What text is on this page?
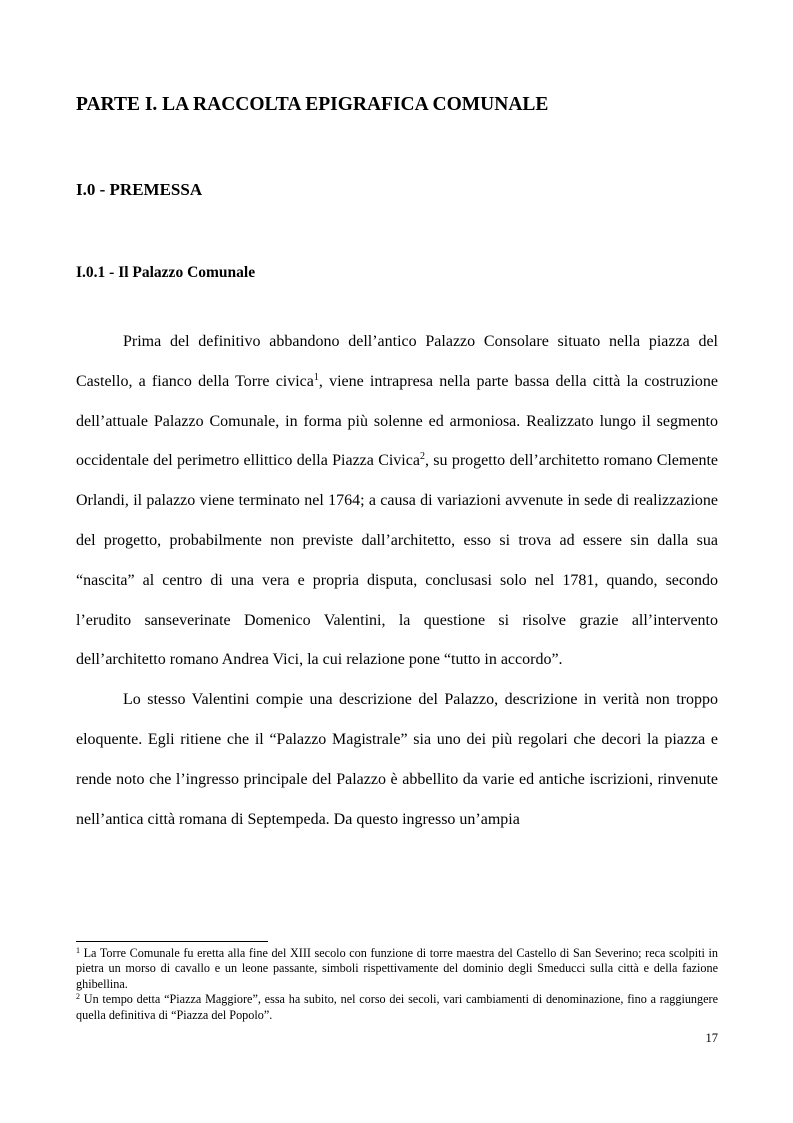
PARTE I. LA RACCOLTA EPIGRAFICA COMUNALE
I.0 - PREMESSA
I.0.1 - Il Palazzo Comunale

Prima del definitivo abbandono dell’antico Palazzo Consolare situato nella piazza del Castello, a fianco della Torre civica$^1$, viene intrapresa nella parte bassa della città la costruzione dell’attuale Palazzo Comunale, in forma più solenne ed armoniosa. Realizzato lungo il segmento occidentale del perimetro ellittico della Piazza Civica$^2$, su progetto dell’architetto romano Clemente Orlandi, il palazzo viene terminato nel 1764; a causa di variazioni avvenute in sede di realizzazione del progetto, probabilmente non previste dall’architetto, esso si trova ad essere sin dalla sua “nascita” al centro di una vera e propria disputa, conclusasi solo nel 1781, quando, secondo l’erudito sanseverinate Domenico Valentini, la questione si risolve grazie all’intervento dell’architetto romano Andrea Vici, la cui relazione pone “tutto in accordo”.

Lo stesso Valentini compie una descrizione del Palazzo, descrizione in verità non troppo eloquente. Egli ritiene che il “Palazzo Magistrale” sia uno dei più regolari che decori la piazza e rende noto che l’ingresso principale del Palazzo è abbellito da varie ed antiche iscrizioni, rinvenute nell’antica città romana di Septempeda. Da questo ingresso un’ampia

$^1$ La Torre Comunale fu eretta alla fine del XIII secolo con funzione di torre maestra del Castello di San Severino; reca scolpiti in pietra un morso di cavallo e un leone passante, simboli rispettivamente del dominio degli Smeducci sulla città e della fazione ghibellina.

$^2$ Un tempo detta “Piazza Maggiore”, essa ha subito, nel corso dei secoli, vari cambiamenti di denominazione, fino a raggiungere quella definitiva di “Piazza del Popolo”.

17
